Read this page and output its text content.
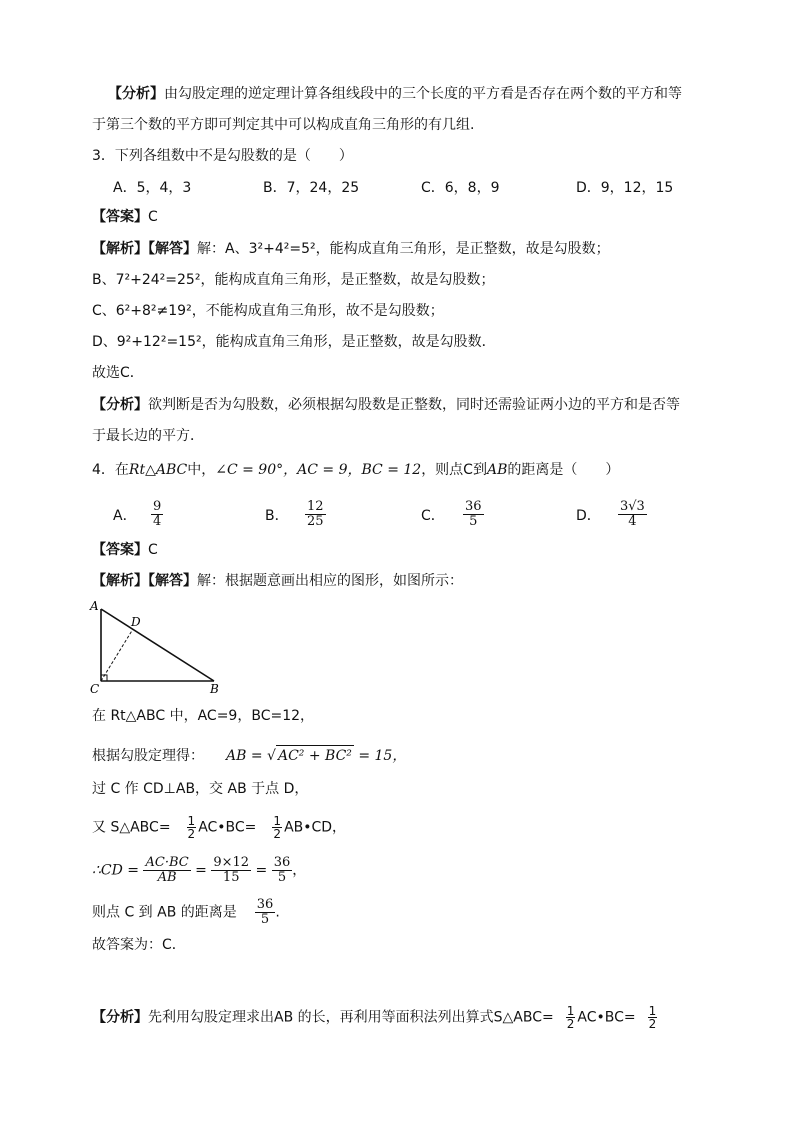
【分析】由勾股定理的逆定理计算各组线段中的三个长度的平方看是否存在两个数的平方和等
于第三个数的平方即可判定其中可以构成直角三角形的有几组.
3．下列各组数中不是勾股数的是（　　）
A．5，4，3	B．7，24，25	C．6，8，9	D．9，12，15
【答案】C
【解析】【解答】解：A、3²+4²=5²，能构成直角三角形，是正整数，故是勾股数；
B、7²+24²=25²，能构成直角三角形，是正整数，故是勾股数；
C、6²+8²≠19²，不能构成直角三角形，故不是勾股数；
D、9²+12²=15²，能构成直角三角形，是正整数，故是勾股数．
故选C．
【分析】欲判断是否为勾股数，必须根据勾股数是正整数，同时还需验证两小边的平方和是否等
于最长边的平方．
4．在Rt△ABC中，∠C = 90°，AC = 9，BC = 12，则点C到AB的距离是（　　）
A． $\frac{9}{4}$	B． $\frac{12}{25}$	C． $\frac{36}{5}$	D． $\frac{3√3}{4}$
【答案】C
【解析】【解答】解：根据题意画出相应的图形，如图所示：
A
D
C	B
在 Rt△ABC 中，AC=9，BC=12，
根据勾股定理得： AB = √ AC² + BC² = 15，
过 C 作 CD⊥AB，交 AB 于点 D，
又 S△ABC= $\frac{1}{2}$ AC•BC= $\frac{1}{2}$ AB•CD，
∴CD = $\frac{AC\cdot BC}{AB} = \frac{9\times 12}{15} = \frac{36}{5}$ ，
则点 C 到 AB 的距离是 $\frac{36}{5}$ .
故答案为：C．
【分析】先利用勾股定理求出AB 的长，再利用等面积法列出算式S△ABC= $\frac{1}{2}$ AC•BC= $\frac{1}{2}$
